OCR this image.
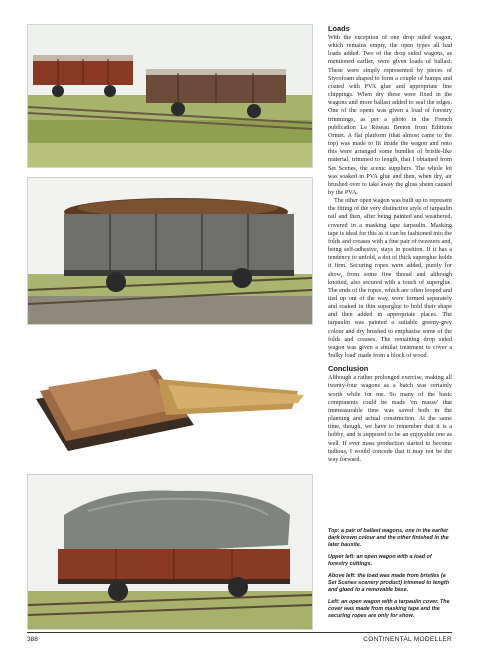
Loads

With the exception of one drop sided wagon, which remains empty, the open types all had loads added. Two of the drop sided wagons, as mentioned earlier, were given loads of ballast. These were simply represented by pieces of Styrofoam shaped to form a couple of humps and coated with PVA glue and appropriate fine chippings. When dry these were fixed in the wagons and more ballast added to seal the edges. One of the opens was given a load of forestry trimmings, as per a photo in the French publication Le Réseau Breton from Éditions Ormet. A flat platform (that almost came to the top) was made to fit inside the wagon and onto this were arranged some bundles of bristle-like material, trimmed to length, that I obtained from Set Scenes, the scenic suppliers. The whole lot was soaked in PVA glue and then, when dry, air brushed over to take away the gloss sheen caused by the PVA.

The other open wagon was built up to represent the fitting of the very distinctive style of tarpaulin rail and then, after being painted and weathered, covered in a masking tape tarpaulin. Masking tape is ideal for this as it can be fashioned into the folds and creases with a fine pair of tweezers and, being self-adhesive, stays in position. If it has a tendency to unfold, a dot of thick superglue holds it firm. Securing ropes were added, purely for show, from some fine thread and although knotted, also secured with a touch of superglue. The ends of the ropes, which are often looped and tied up out of the way, were formed separately and soaked in thin superglue to hold their shape and then added in appropriate places. The tarpaulin was painted a suitable greeny-grey colour and dry brushed to emphasise some of the folds and creases. The remaining drop sided wagon was given a similar treatment to cover a 'bulky load' made from a block of wood.

Conclusion

Although a rather prolonged exercise, making all twenty-four wagons as a batch was certainly worth while for me. So many of the basic components could be made 'en masse' that immeasurable time was saved both in the planning and actual construction. At the same time, though, we have to remember that it is a hobby, and is supposed to be an enjoyable one as well. If ever mass production started to become tedious, I would concede that it may not be the way forward.

Top: a pair of ballast wagons, one in the earlier dark brown colour and the other finished in the later bauxite.

Upper left: an open wagon with a load of forestry cuttings.

Above left: the load was made from bristles (a Set Scenes scenery product) trimmed to length and glued to a removable base.

Left: an open wagon with a tarpaulin cover. The cover was made from masking tape and the securing ropes are only for show.

388	CONTINENTAL MODELLER
